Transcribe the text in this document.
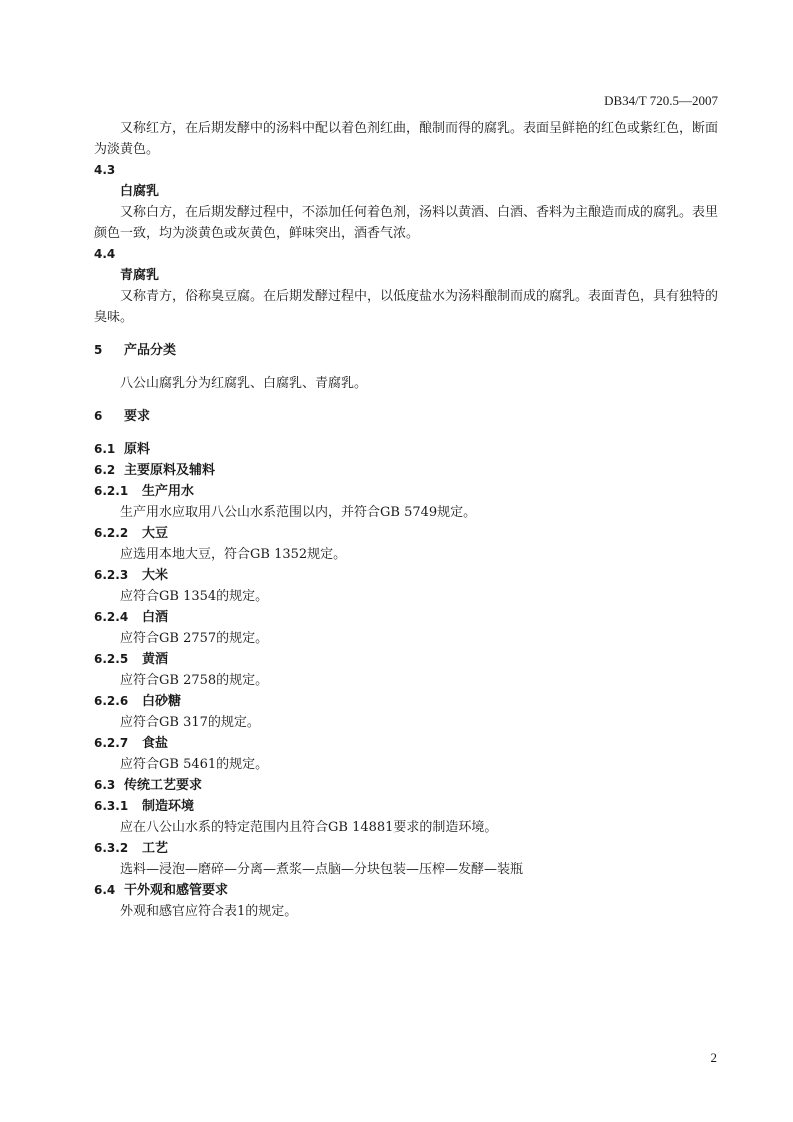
DB34/T 720.5—2007

又称红方，在后期发酵中的汤料中配以着色剂红曲，酿制而得的腐乳。表面呈鲜艳的红色或紫红色，断面为淡黄色。

4.3
白腐乳

又称白方，在后期发酵过程中，不添加任何着色剂，汤料以黄酒、白酒、香料为主酿造而成的腐乳。表里颜色一致，均为淡黄色或灰黄色，鲜味突出，酒香气浓。

4.4
青腐乳

又称青方，俗称臭豆腐。在后期发酵过程中，以低度盐水为汤料酿制而成的腐乳。表面青色，具有独特的臭味。

5 产品分类

八公山腐乳分为红腐乳、白腐乳、青腐乳。

6 要求
6.1 原料
6.2 主要原料及辅料
6.2.1 生产用水

生产用水应取用八公山水系范围以内，并符合GB 5749规定。

6.2.2 大豆

应选用本地大豆，符合GB 1352规定。

6.2.3 大米

应符合GB 1354的规定。

6.2.4 白酒

应符合GB 2757的规定。

6.2.5 黄酒

应符合GB 2758的规定。

6.2.6 白砂糖

应符合GB 317的规定。

6.2.7 食盐

应符合GB 5461的规定。

6.3 传统工艺要求
6.3.1 制造环境

应在八公山水系的特定范围内且符合GB 14881要求的制造环境。

6.3.2 工艺

选料—浸泡—磨碎—分离—煮浆—点脑—分块包装—压榨—发酵—装瓶

6.4 干外观和感管要求

外观和感官应符合表1的规定。

2
